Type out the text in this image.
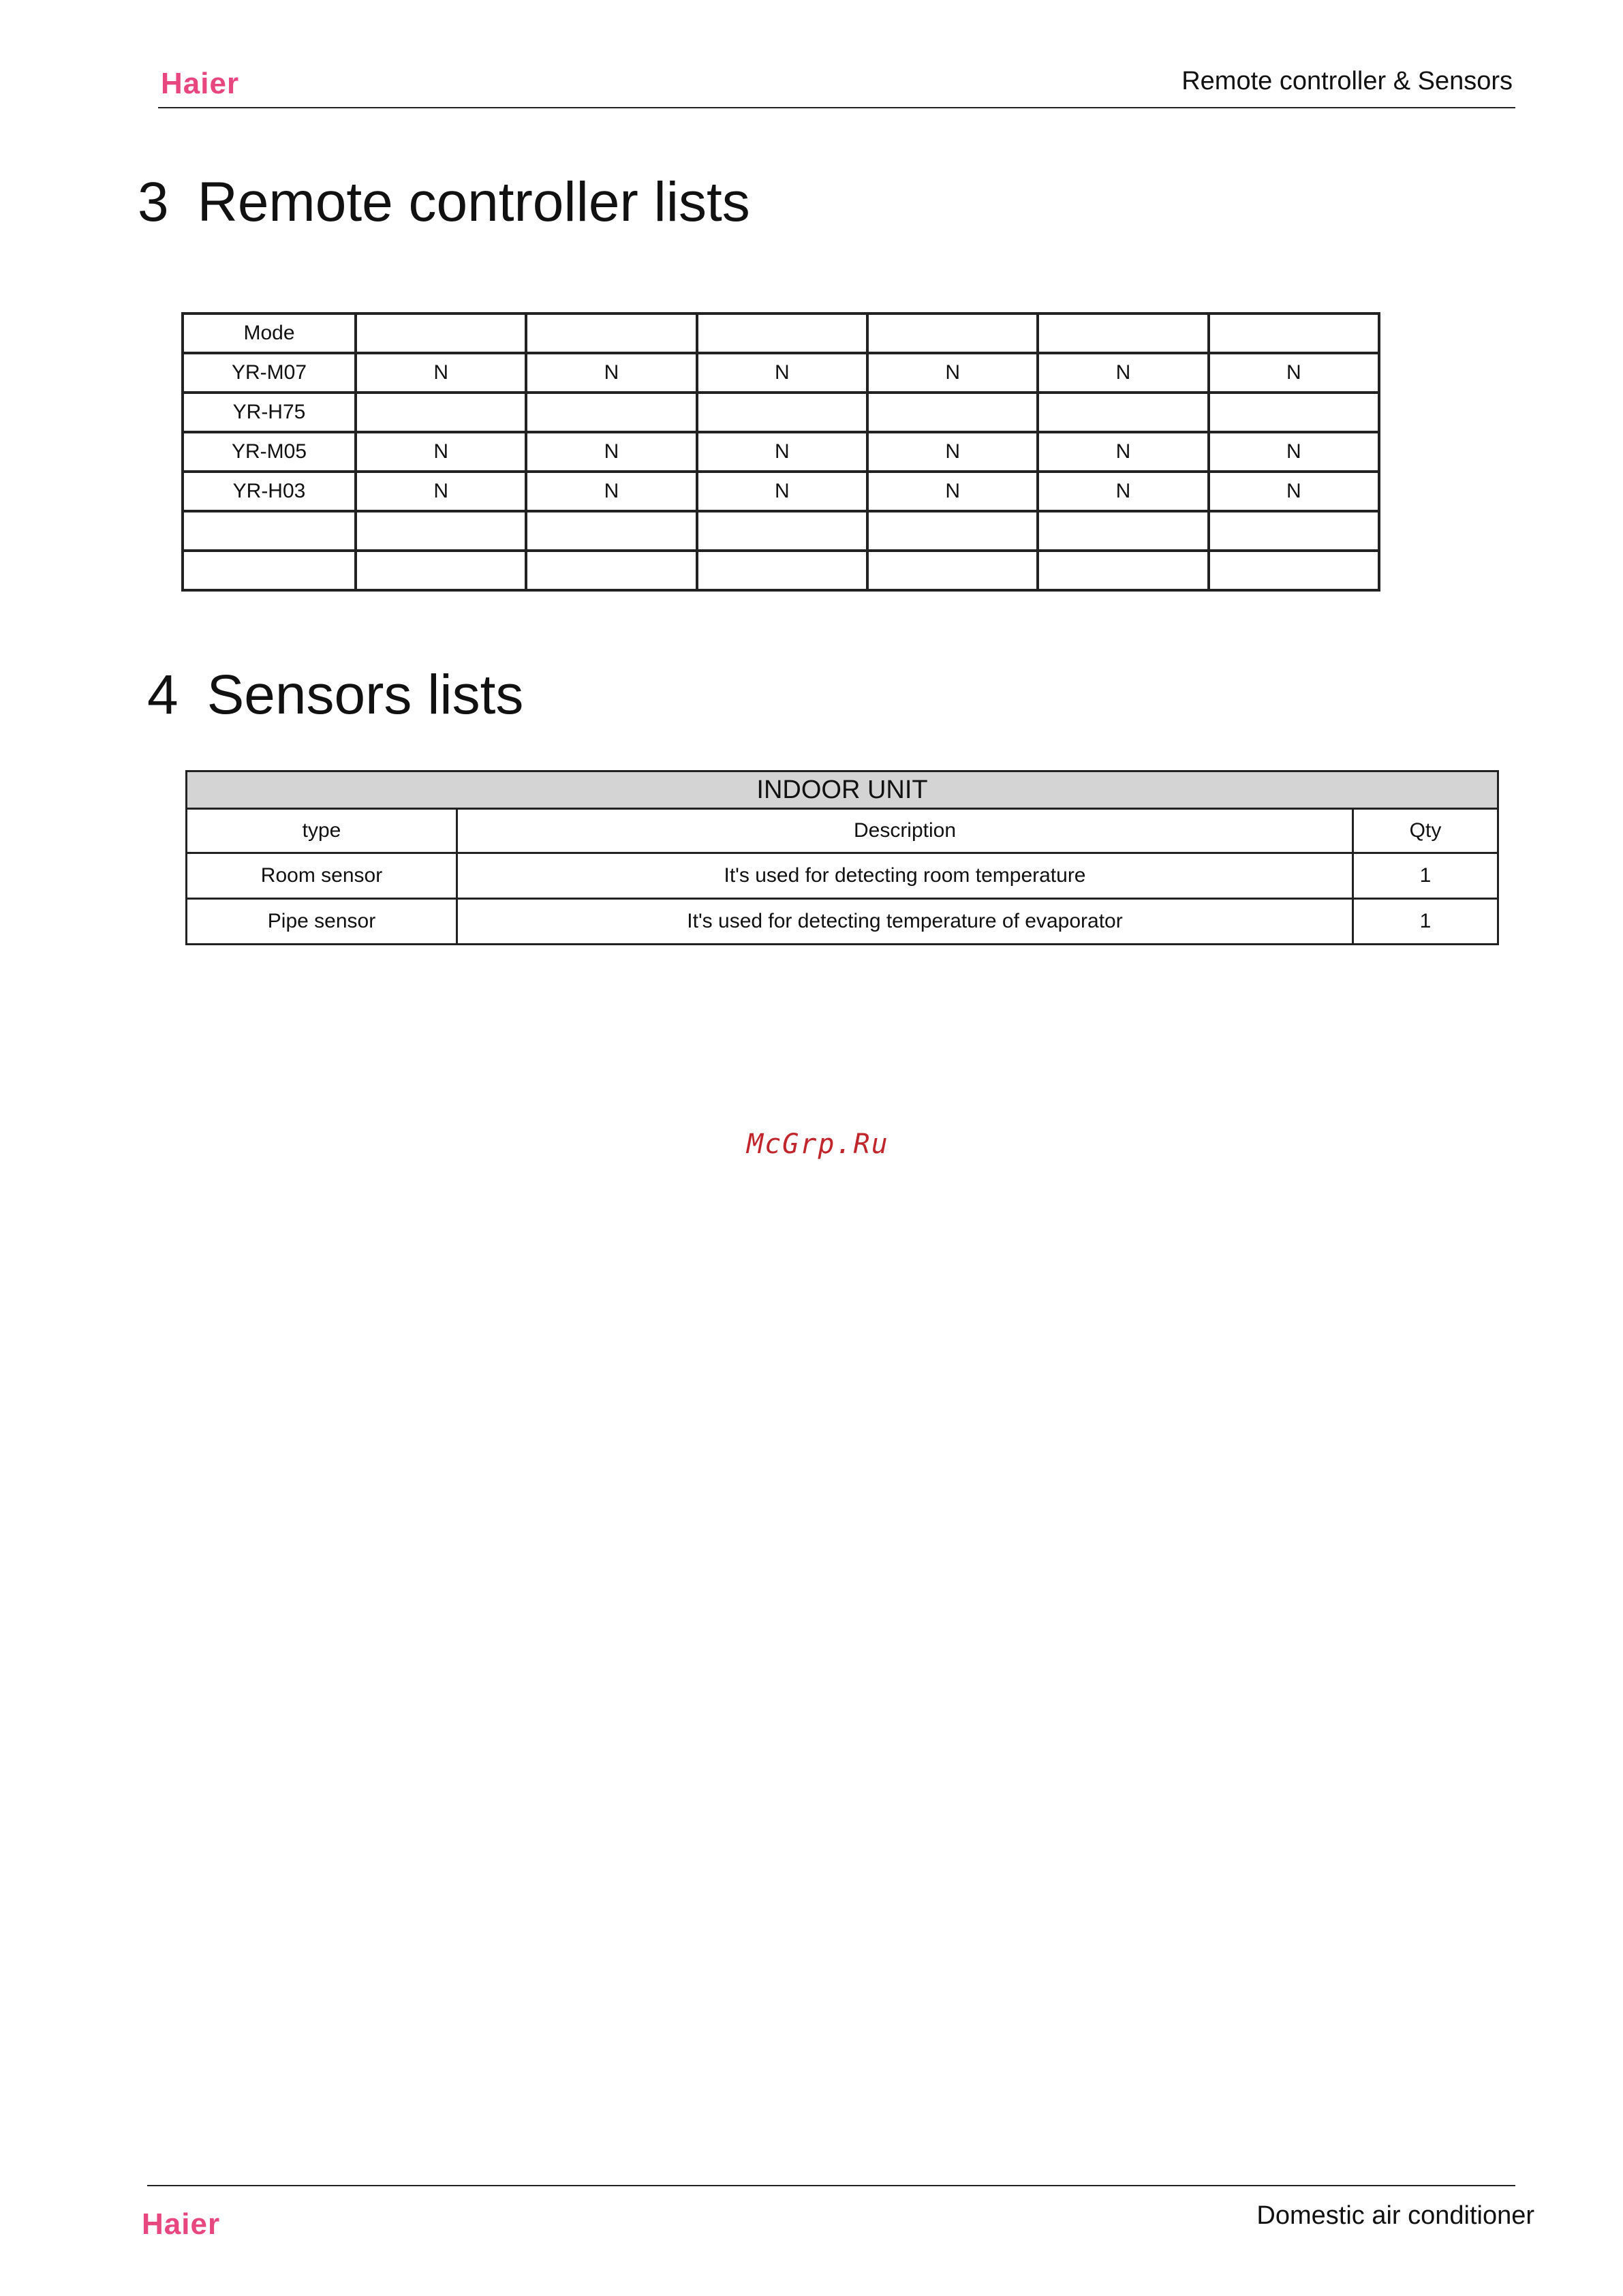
Haier	Remote controller & Sensors
3 Remote controller lists
Mode						
YR-M07	N	N	N	N	N	N
YR-H75						
YR-M05	N	N	N	N	N	N
YR-H03	N	N	N	N	N	N

4 Sensors lists
INDOOR UNIT		
type	Description	Qty
Room sensor	It's used for detecting room temperature	1
Pipe sensor	It's used for detecting temperature of evaporator	1
McGrp.Ru
Haier	Domestic air conditioner
